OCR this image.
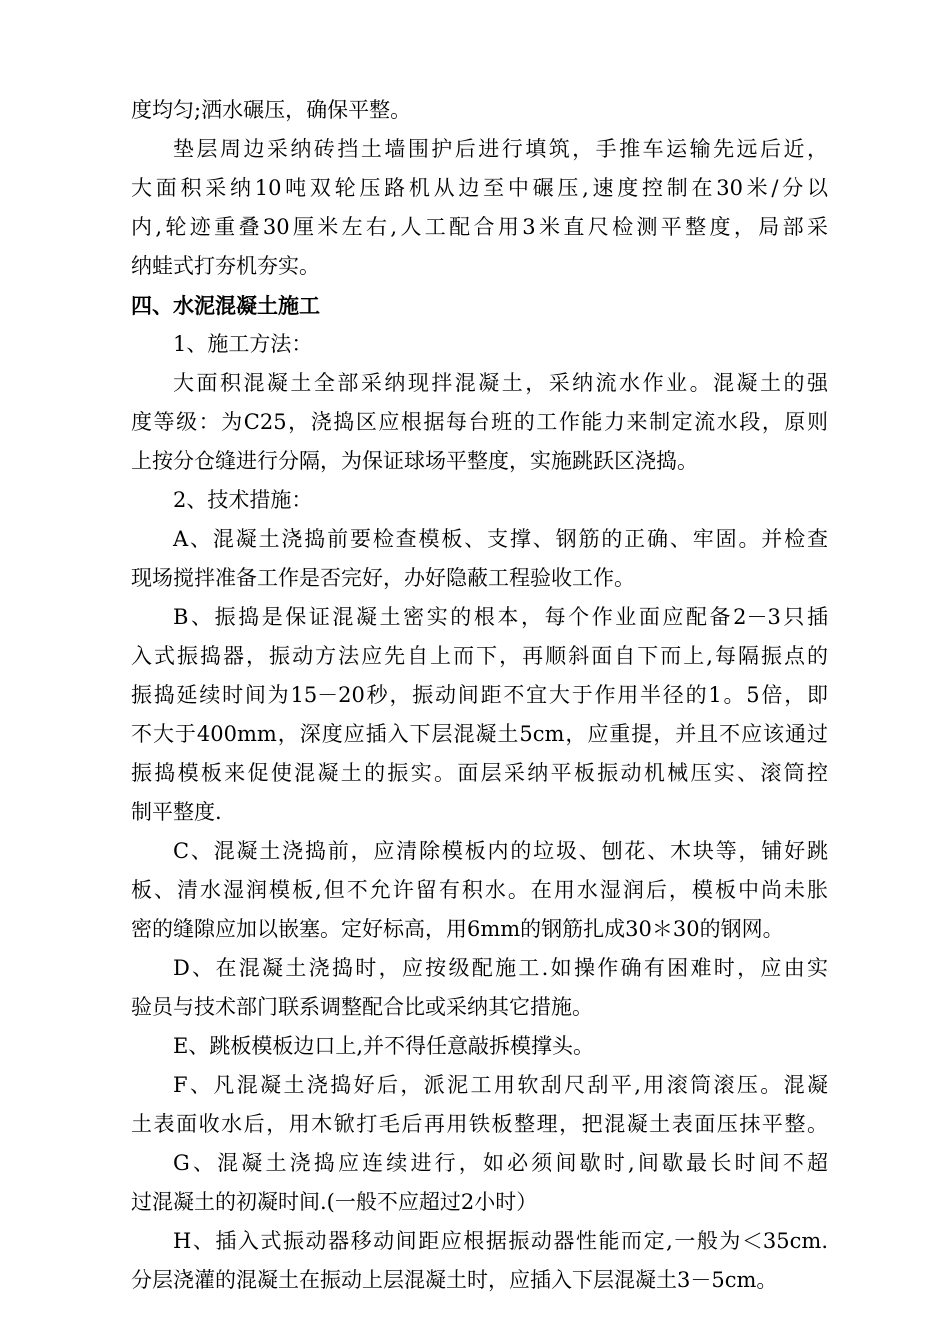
度均匀;洒水碾压，确保平整。

垫层周边采纳砖挡土墙围护后进行填筑，手推车运输先远后近，

大面积采纳10吨双轮压路机从边至中碾压,速度控制在30米/分以

内,轮迹重叠30厘米左右,人工配合用3米直尺检测平整度，局部采

纳蛙式打夯机夯实。

四、水泥混凝土施工

1、施工方法：

大面积混凝土全部采纳现拌混凝土，采纳流水作业。混凝土的强

度等级：为C25，浇捣区应根据每台班的工作能力来制定流水段，原则

上按分仓缝进行分隔，为保证球场平整度，实施跳跃区浇捣。

2、技术措施：

A、混凝土浇捣前要检查模板、支撑、钢筋的正确、牢固。并检查

现场搅拌准备工作是否完好，办好隐蔽工程验收工作。

B、振捣是保证混凝土密实的根本，每个作业面应配备2－3只插

入式振捣器，振动方法应先自上而下，再顺斜面自下而上,每隔振点的

振捣延续时间为15－20秒，振动间距不宜大于作用半径的1。5倍，即

不大于400mm，深度应插入下层混凝土5cm，应重提，并且不应该通过

振捣模板来促使混凝土的振实。面层采纳平板振动机械压实、滚筒控

制平整度.

C、混凝土浇捣前，应清除模板内的垃圾、刨花、木块等，铺好跳

板、清水湿润模板,但不允许留有积水。在用水湿润后，模板中尚未胀

密的缝隙应加以嵌塞。定好标高，用6mm的钢筋扎成30＊30的钢网。

D、在混凝土浇捣时，应按级配施工.如操作确有困难时，应由实

验员与技术部门联系调整配合比或采纳其它措施。

E、跳板模板边口上,并不得任意敲拆模撑头。

F、凡混凝土浇捣好后，派泥工用软刮尺刮平,用滚筒滚压。混凝

土表面收水后，用木锨打毛后再用铁板整理，把混凝土表面压抹平整。

G、混凝土浇捣应连续进行，如必须间歇时,间歇最长时间不超

过混凝土的初凝时间.(一般不应超过2小时）

H、插入式振动器移动间距应根据振动器性能而定,一般为＜35cm.

分层浇灌的混凝土在振动上层混凝土时，应插入下层混凝土3－5cm。
